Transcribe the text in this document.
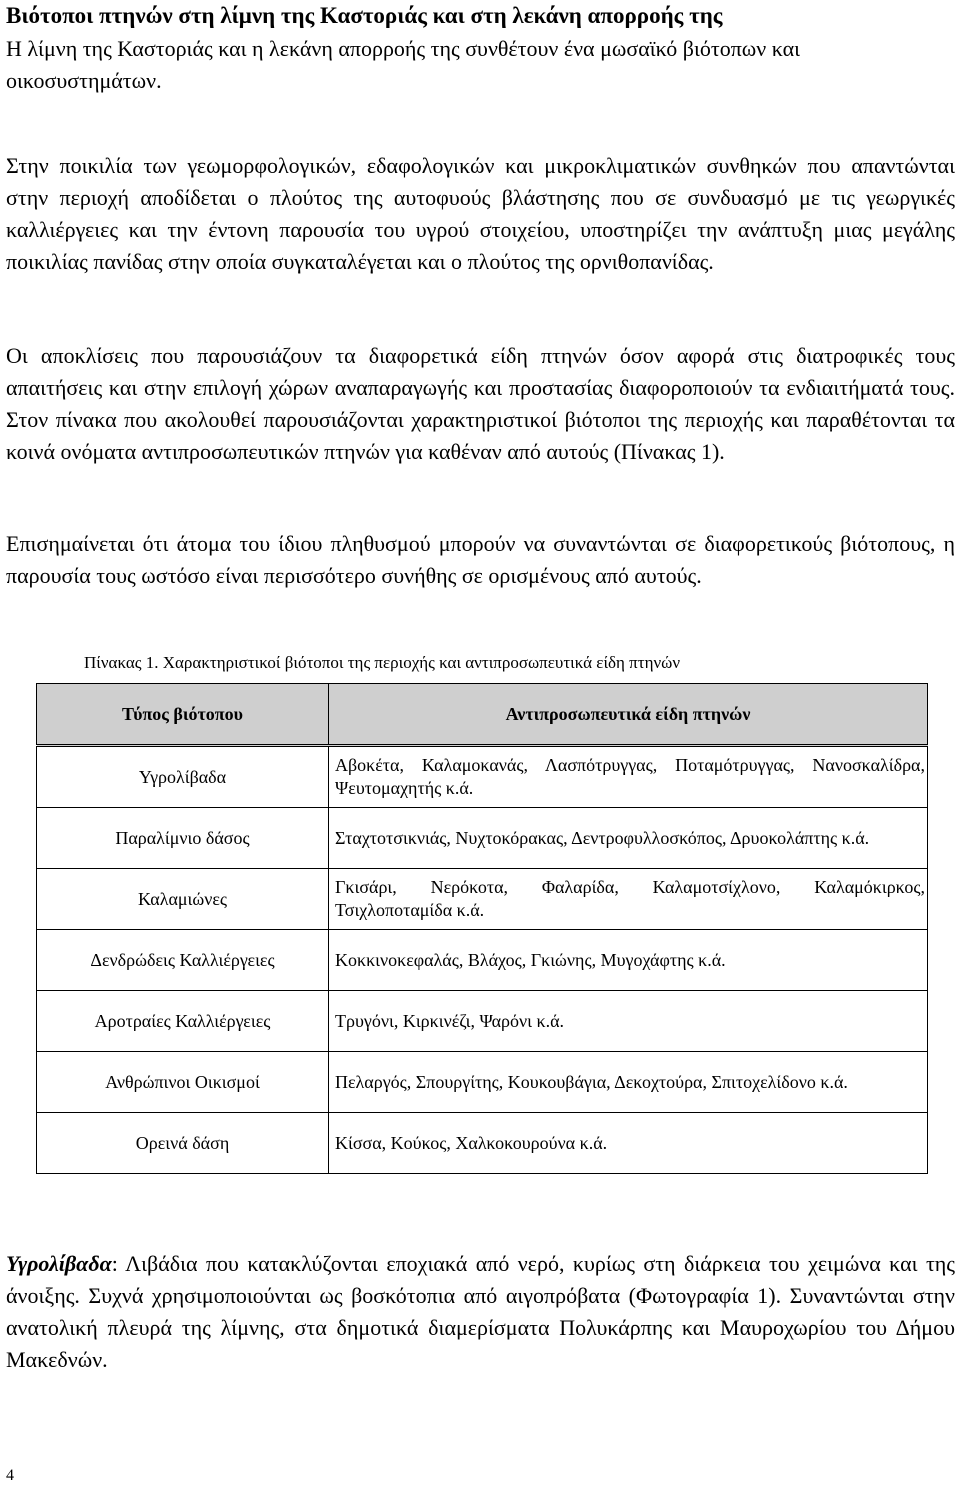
Βιότοποι πτηνών στη λίμνη της Καστοριάς και στη λεκάνη απορροής της

Η λίμνη της Καστοριάς και η λεκάνη απορροής της συνθέτουν ένα μωσαϊκό βιότοπων και οικοσυστημάτων.

Στην ποικιλία των γεωμορφολογικών, εδαφολογικών και μικροκλιματικών συνθηκών που απαντώνται στην περιοχή αποδίδεται ο πλούτος της αυτοφυούς βλάστησης που σε συνδυασμό με τις γεωργικές καλλιέργειες και την έντονη παρουσία του υγρού στοιχείου, υποστηρίζει την ανάπτυξη μιας μεγάλης ποικιλίας πανίδας στην οποία συγκαταλέγεται και ο πλούτος της ορνιθοπανίδας.

Οι αποκλίσεις που παρουσιάζουν τα διαφορετικά είδη πτηνών όσον αφορά στις διατροφικές τους απαιτήσεις και στην επιλογή χώρων αναπαραγωγής και προστασίας διαφοροποιούν τα ενδιαιτήματά τους. Στον πίνακα που ακολουθεί παρουσιάζονται χαρακτηριστικοί βιότοποι της περιοχής και παραθέτονται τα κοινά ονόματα αντιπροσωπευτικών πτηνών για καθέναν από αυτούς (Πίνακας 1).

Επισημαίνεται ότι άτομα του ίδιου πληθυσμού μπορούν να συναντώνται σε διαφορετικούς βιότοπους, η παρουσία τους ωστόσο είναι περισσότερο συνήθης σε ορισμένους από αυτούς.

Πίνακας 1. Χαρακτηριστικοί βιότοποι της περιοχής και αντιπροσωπευτικά είδη πτηνών
Τύπος βιότοπου	Αντιπροσωπευτικά είδη πτηνών
Υγρολίβαδα	Αβοκέτα, Καλαμοκανάς, Λασπότρυγγας, Ποταμότρυγγας, Νανοσκαλίδρα, Ψευτομαχητής κ.ά.
Παραλίμνιο δάσος	Σταχτοτσικνιάς, Νυχτοκόρακας, Δεντροφυλλοσκόπος, Δρυοκολάπτης κ.ά.
Καλαμιώνες	Γκισάρι, Νερόκοτα, Φαλαρίδα, Καλαμοτσίχλονο, Καλαμόκιρκος, Τσιχλοποταμίδα κ.ά.
Δενδρώδεις Καλλιέργειες	Κοκκινοκεφαλάς, Βλάχος, Γκιώνης, Μυγοχάφτης κ.ά.
Αροτραίες Καλλιέργειες	Τρυγόνι, Κιρκινέζι, Ψαρόνι κ.ά.
Ανθρώπινοι Οικισμοί	Πελαργός, Σπουργίτης, Κουκουβάγια, Δεκοχτούρα, Σπιτοχελίδονο κ.ά.
Ορεινά δάση	Κίσσα, Κούκος, Χαλκοκουρούνα κ.ά.

Υγρολίβαδα: Λιβάδια που κατακλύζονται εποχιακά από νερό, κυρίως στη διάρκεια του χειμώνα και της άνοιξης. Συχνά χρησιμοποιούνται ως βοσκότοπια από αιγοπρόβατα (Φωτογραφία 1). Συναντώνται στην ανατολική πλευρά της λίμνης, στα δημοτικά διαμερίσματα Πολυκάρπης και Μαυροχωρίου του Δήμου Μακεδνών.

4
